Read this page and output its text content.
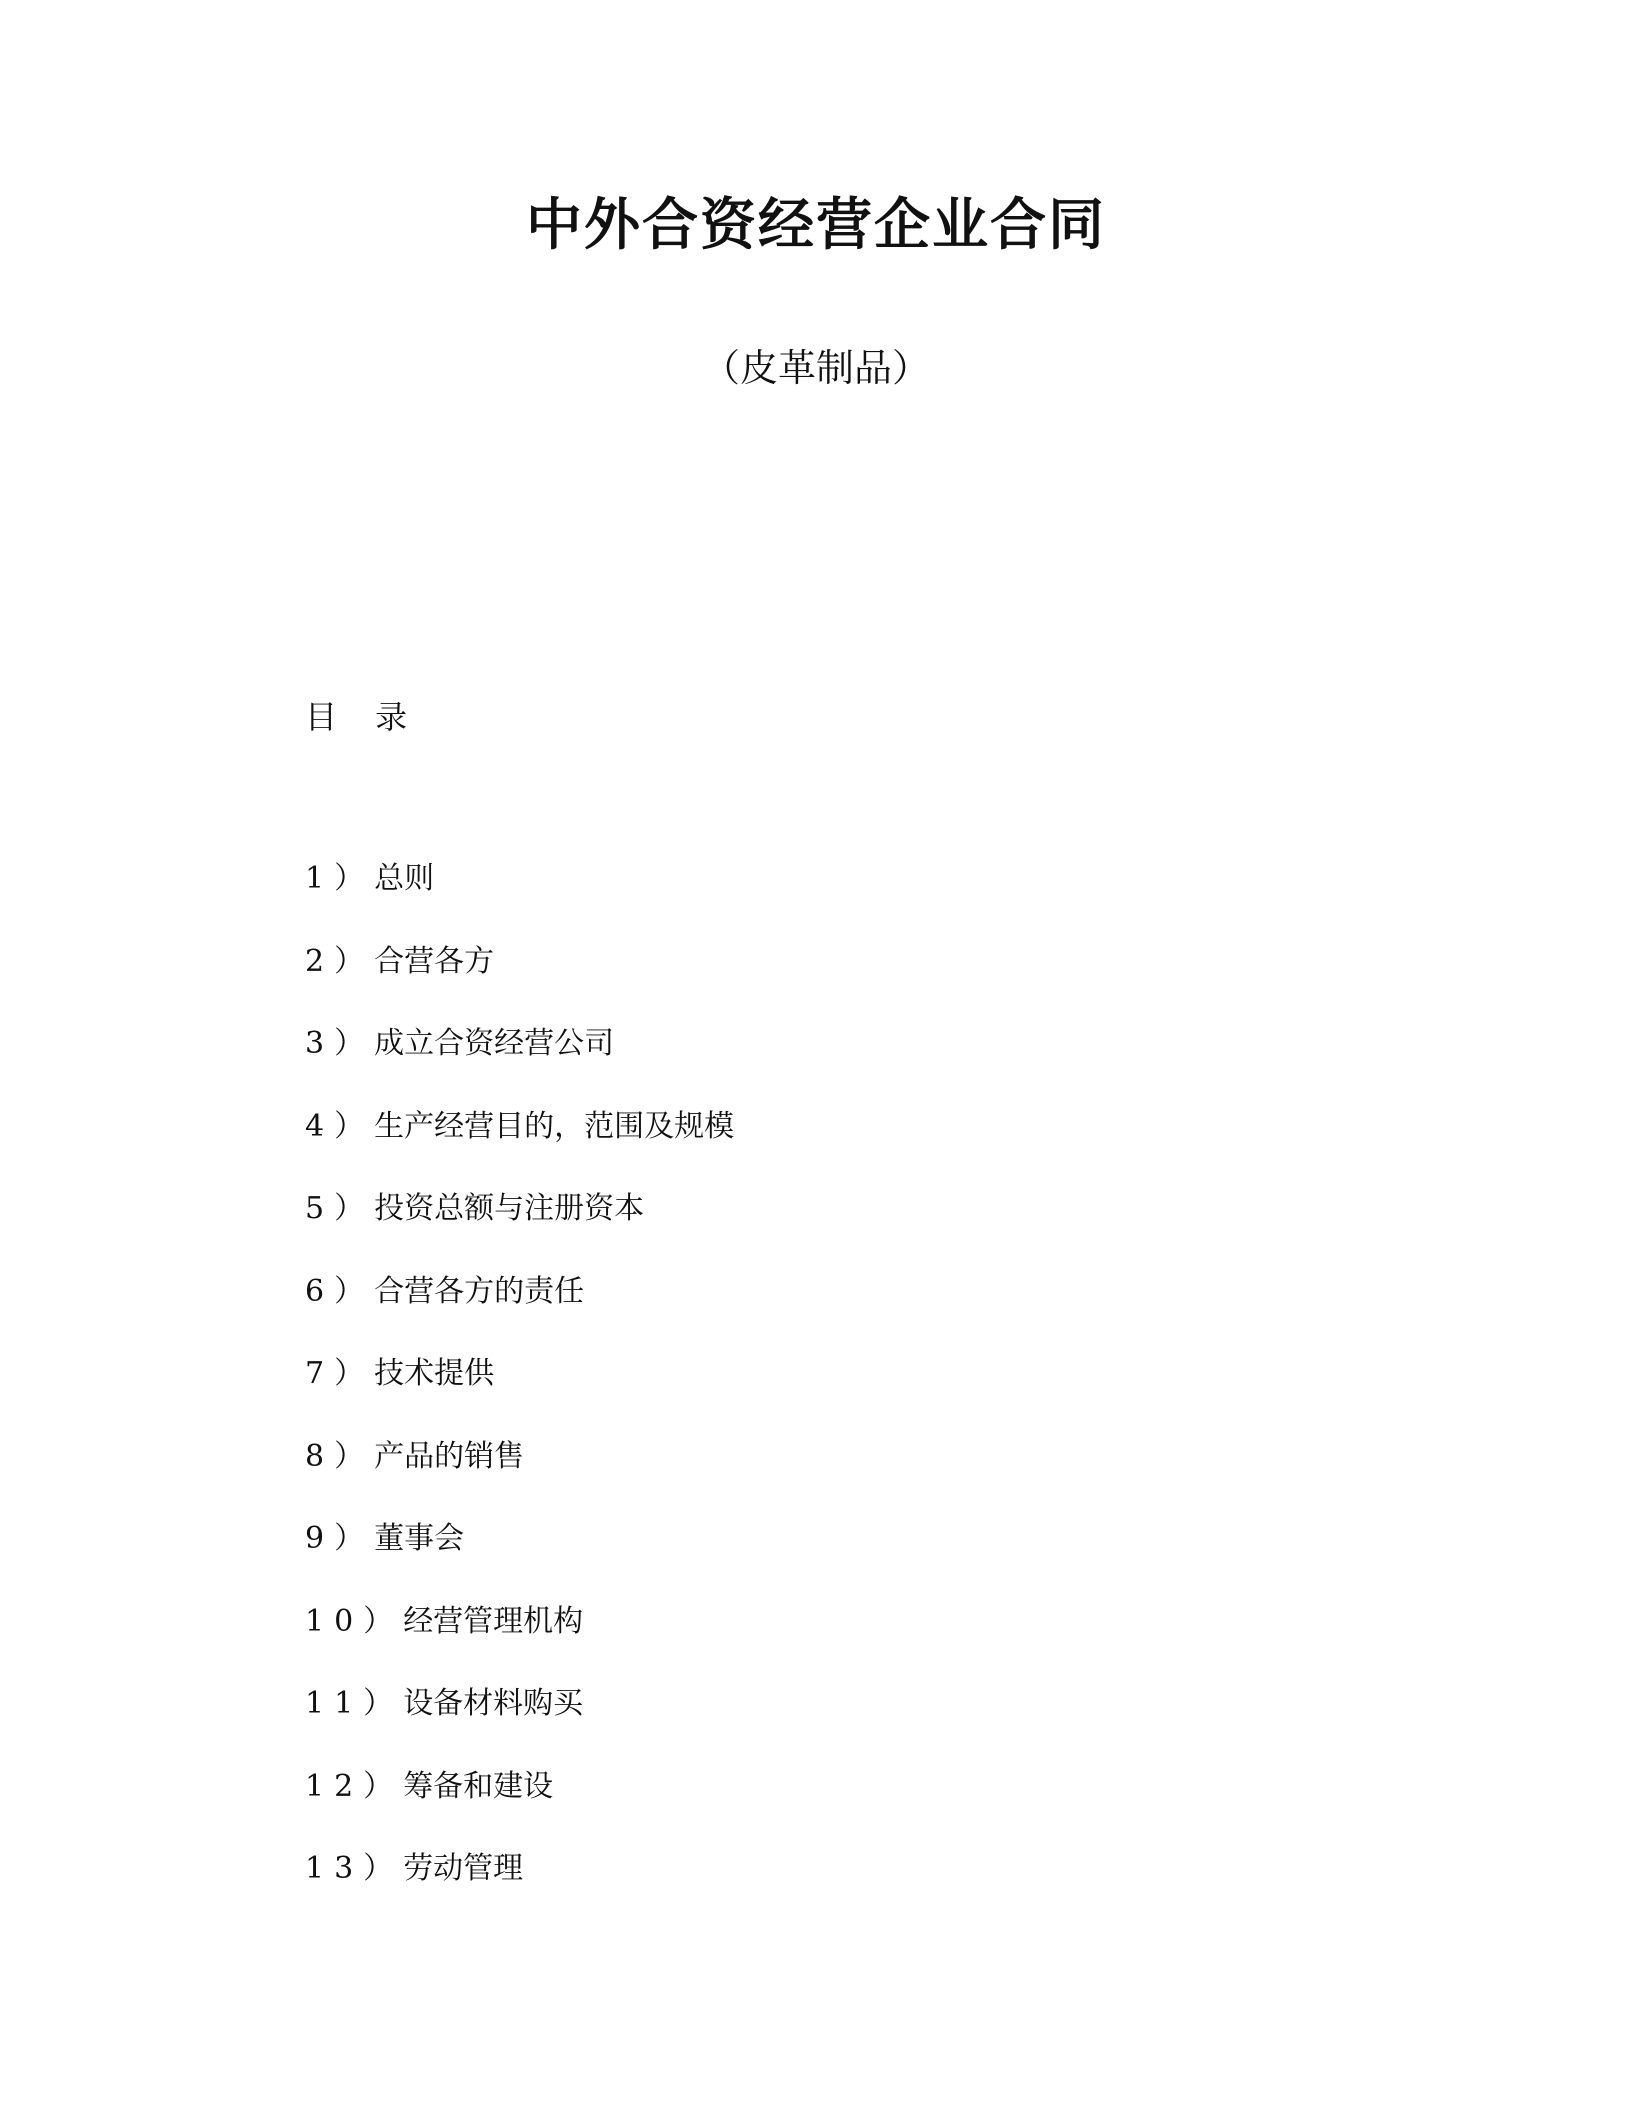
中外合资经营企业合同

（皮革制品）

目 录

1）总则
2）合营各方
3）成立合资经营公司
4）生产经营目的，范围及规模
5）投资总额与注册资本
6）合营各方的责任
7）技术提供
8）产品的销售
9）董事会
10）经营管理机构
11）设备材料购买
12）筹备和建设
13）劳动管理
